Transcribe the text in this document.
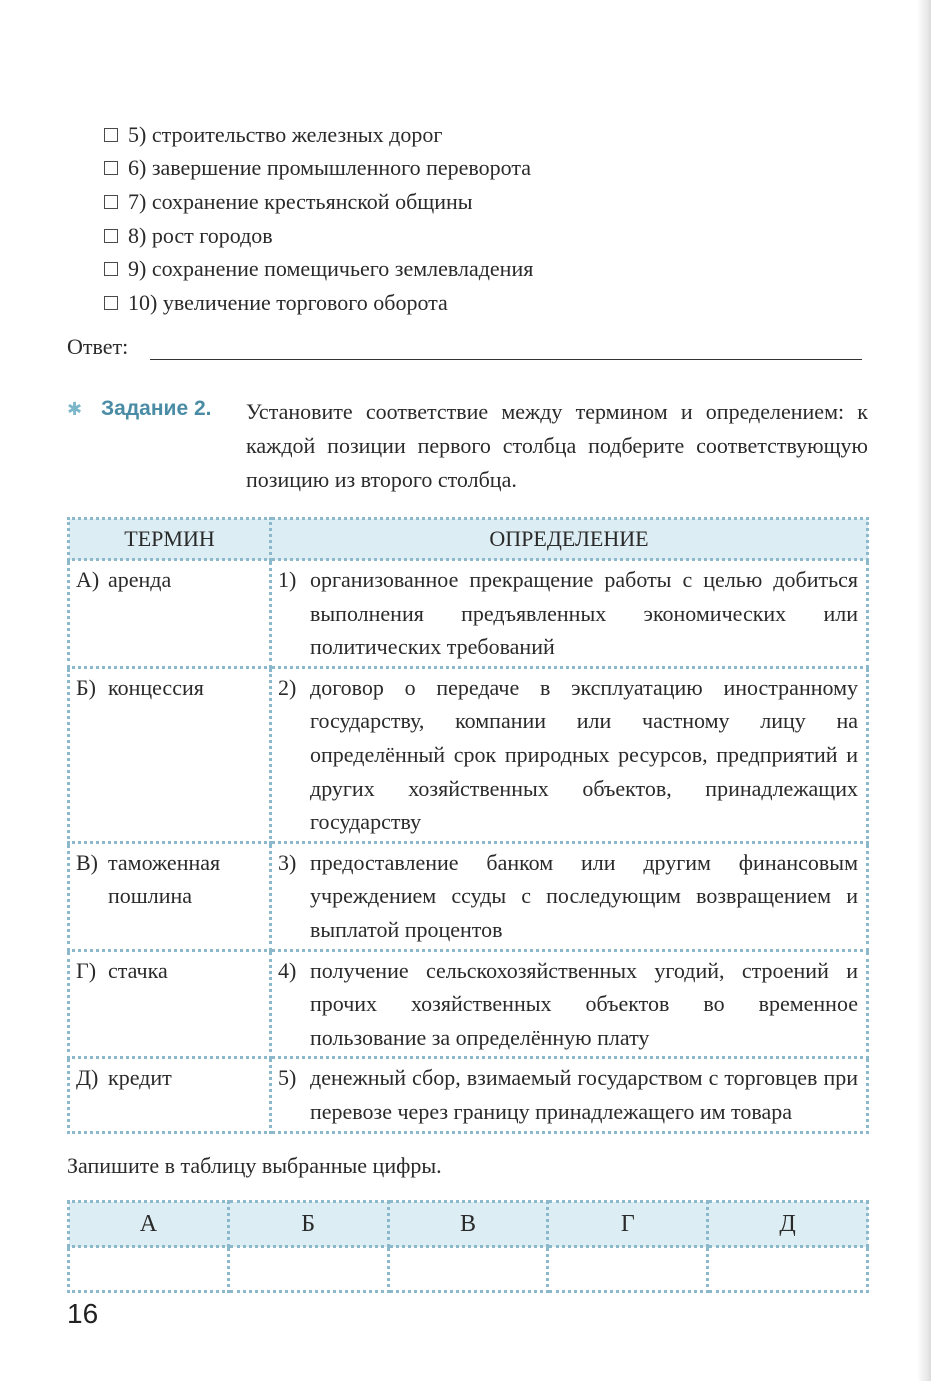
5) строительство железных дорог
6) завершение промышленного переворота
7) сохранение крестьянской общины
8) рост городов
9) сохранение помещичьего землевладения
10) увеличение торгового оборота
Ответ:
✱ Задание 2.	Установите соответствие между термином и определением: к каждой позиции первого столбца подберите соответствующую позицию из второго столбца.
ТЕРМИН	ОПРЕДЕЛЕНИЕ

А) аренда	1) организованное прекращение работы с целью добиться выполнения предъявленных экономических или политических требований

Б) концессия	2) договор о передаче в эксплуатацию иностранному государству, компании или частному лицу на определённый срок природных ресурсов, предприятий и других хозяйственных объектов, принадлежащих государству

В) таможенная пошлина	3) предоставление банком или другим финансовым учреждением ссуды с последующим возвращением и выплатой процентов

Г) стачка	4) получение сельскохозяйственных угодий, строений и прочих хозяйственных объектов во временное пользование за определённую плату

Д) кредит	5) денежный сбор, взимаемый государством с торговцев при перевозе через границу принадлежащего им товара
Запишите в таблицу выбранные цифры.
А	Б	В	Г	Д

16
